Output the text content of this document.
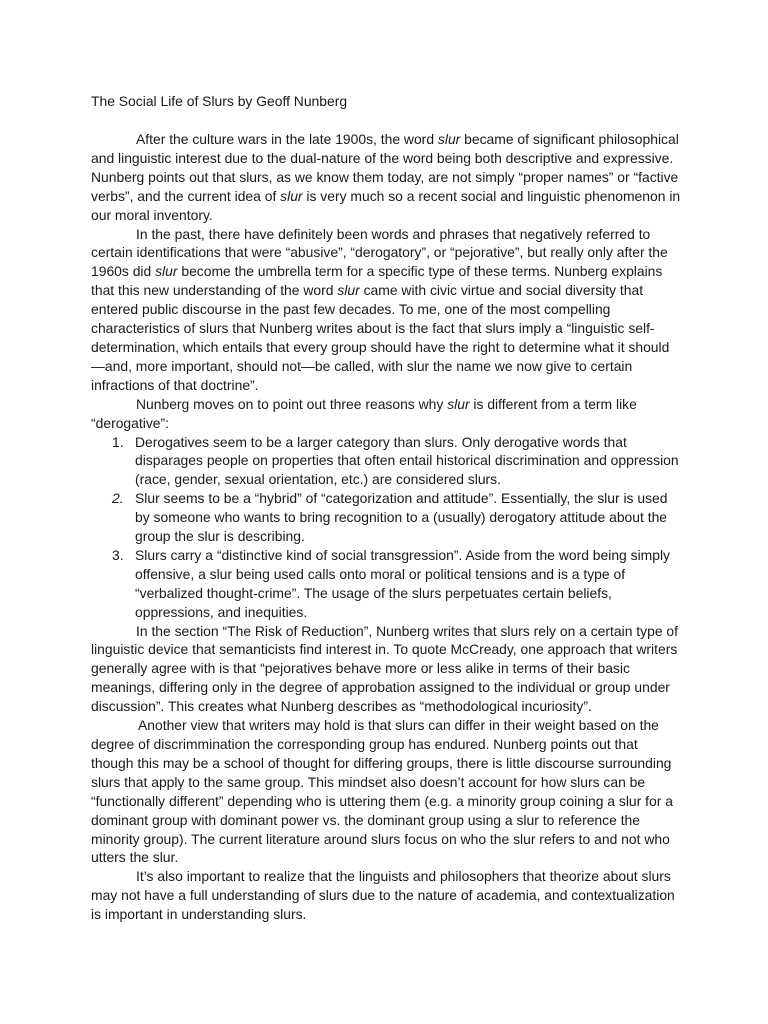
The Social Life of Slurs by Geoff Nunberg

After the culture wars in the late 1900s, the word slur became of significant philosophical and linguistic interest due to the dual-nature of the word being both descriptive and expressive. Nunberg points out that slurs, as we know them today, are not simply “proper names” or “factive verbs”, and the current idea of slur is very much so a recent social and linguistic phenomenon in our moral inventory.

In the past, there have definitely been words and phrases that negatively referred to certain identifications that were “abusive”, “derogatory”, or “pejorative”, but really only after the 1960s did slur become the umbrella term for a specific type of these terms. Nunberg explains that this new understanding of the word slur came with civic virtue and social diversity that entered public discourse in the past few decades. To me, one of the most compelling characteristics of slurs that Nunberg writes about is the fact that slurs imply a “linguistic self-determination, which entails that every group should have the right to determine what it should—and, more important, should not—be called, with slur the name we now give to certain infractions of that doctrine”.

Nunberg moves on to point out three reasons why slur is different from a term like “derogative”:

1. Derogatives seem to be a larger category than slurs. Only derogative words that disparages people on properties that often entail historical discrimination and oppression (race, gender, sexual orientation, etc.) are considered slurs.
2. Slur seems to be a “hybrid” of “categorization and attitude”. Essentially, the slur is used by someone who wants to bring recognition to a (usually) derogatory attitude about the group the slur is describing.
3. Slurs carry a “distinctive kind of social transgression”. Aside from the word being simply offensive, a slur being used calls onto moral or political tensions and is a type of “verbalized thought-crime”. The usage of the slurs perpetuates certain beliefs, oppressions, and inequities.

In the section “The Risk of Reduction”, Nunberg writes that slurs rely on a certain type of linguistic device that semanticists find interest in. To quote McCready, one approach that writers generally agree with is that “pejoratives behave more or less alike in terms of their basic meanings, differing only in the degree of approbation assigned to the individual or group under discussion”. This creates what Nunberg describes as “methodological incuriosity”.

Another view that writers may hold is that slurs can differ in their weight based on the degree of discrimmination the corresponding group has endured. Nunberg points out that though this may be a school of thought for differing groups, there is little discourse surrounding slurs that apply to the same group. This mindset also doesn’t account for how slurs can be “functionally different” depending who is uttering them (e.g. a minority group coining a slur for a dominant group with dominant power vs. the dominant group using a slur to reference the minority group). The current literature around slurs focus on who the slur refers to and not who utters the slur.

It’s also important to realize that the linguists and philosophers that theorize about slurs may not have a full understanding of slurs due to the nature of academia, and contextualization is important in understanding slurs.
